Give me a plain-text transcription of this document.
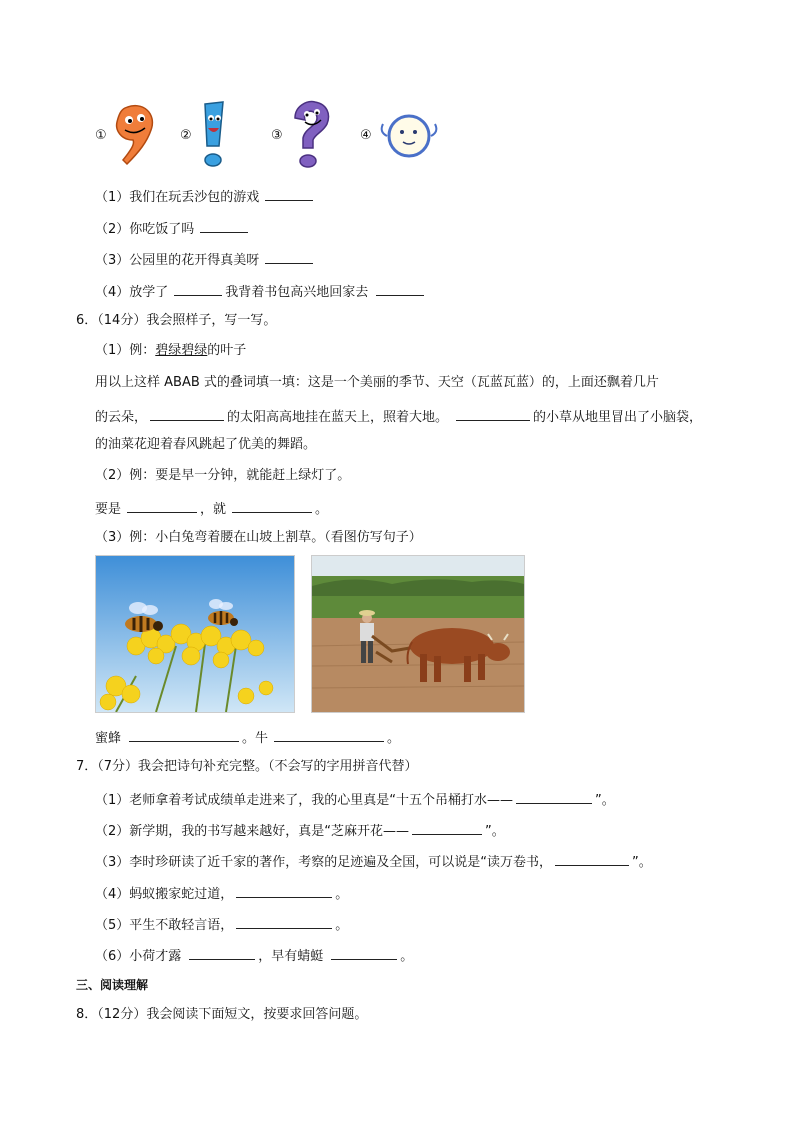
①	②	③	④
（1）我们在玩丢沙包的游戏
（2）你吃饭了吗
（3）公园里的花开得真美呀
（4）放学了	我背着书包高兴地回家去
6．（14分）我会照样子，写一写。
（1）例：碧绿碧绿的叶子
用以上这样 ABAB 式的叠词填一填：这是一个美丽的季节、天空（瓦蓝瓦蓝）的，上面还飘着几片
的云朵，	的太阳高高地挂在蓝天上，照着大地。	的小草从地里冒出了小脑袋，
的油菜花迎着春风跳起了优美的舞蹈。
（2）例：要是早一分钟，就能赶上绿灯了。
要是	，就	。
（3）例：小白兔弯着腰在山坡上割草。（看图仿写句子）
蜜蜂	。牛	。
7．（7分）我会把诗句补充完整。（不会写的字用拼音代替）
（1）老师拿着考试成绩单走进来了，我的心里真是“十五个吊桶打水——	”。
（2）新学期，我的书写越来越好，真是“芝麻开花——	”。
（3）李时珍研读了近千家的著作，考察的足迹遍及全国，可以说是“读万卷书，	”。
（4）蚂蚁搬家蛇过道，	。
（5）平生不敢轻言语，	。
（6）小荷才露	，早有蜻蜓	。
三、阅读理解
8．（12分）我会阅读下面短文，按要求回答问题。
